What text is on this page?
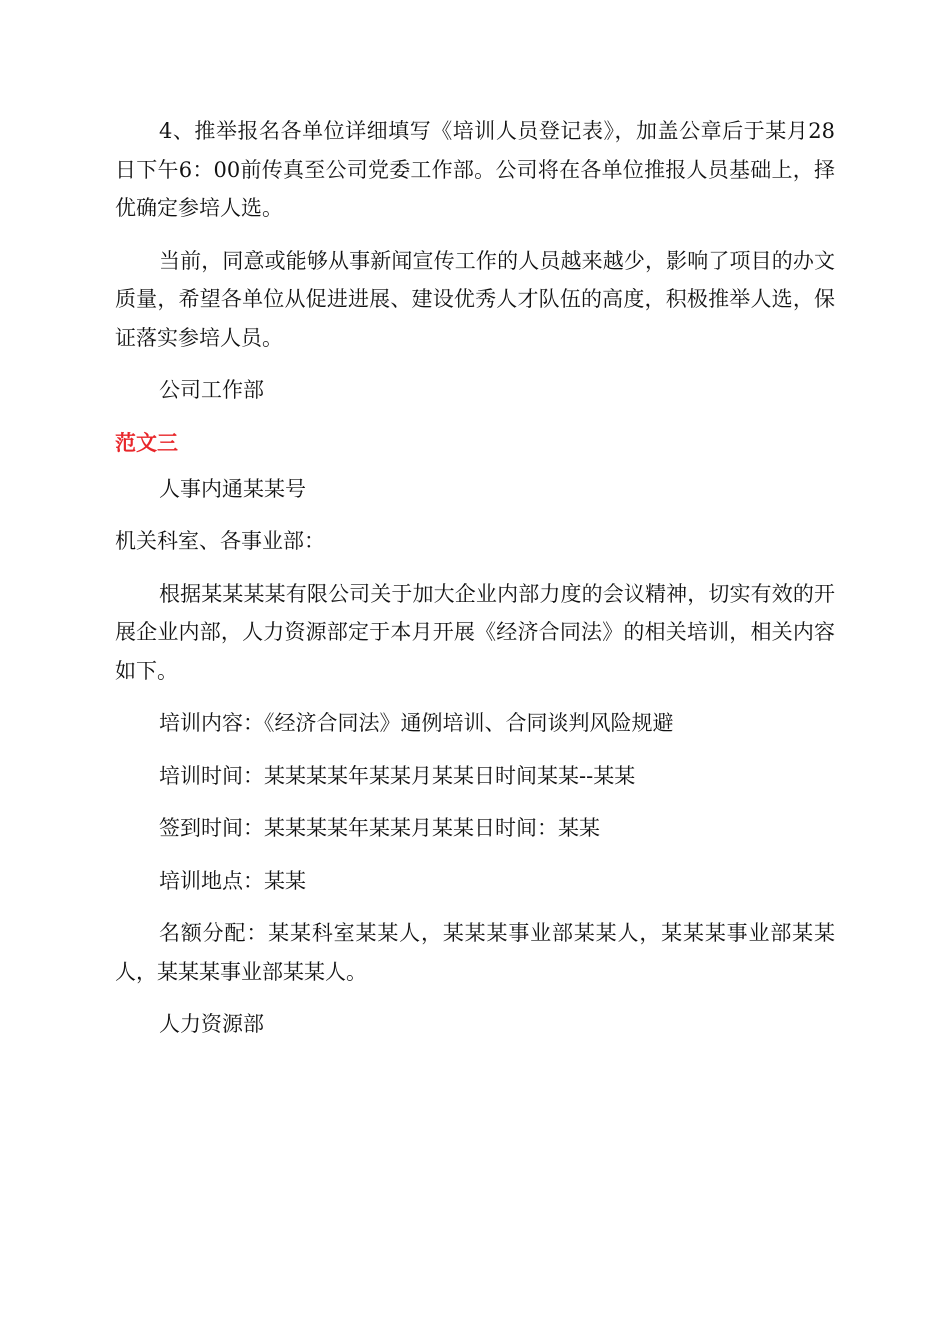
4、推举报名各单位详细填写《培训人员登记表》，加盖公章后于某月28日下午6：00前传真至公司党委工作部。公司将在各单位推报人员基础上，择优确定参培人选。

当前，同意或能够从事新闻宣传工作的人员越来越少，影响了项目的办文质量，希望各单位从促进进展、建设优秀人才队伍的高度，积极推举人选，保证落实参培人员。

公司工作部

范文三

人事内通某某号

机关科室、各事业部：

根据某某某某有限公司关于加大企业内部力度的会议精神，切实有效的开展企业内部，人力资源部定于本月开展《经济合同法》的相关培训，相关内容如下。

培训内容：《经济合同法》通例培训、合同谈判风险规避

培训时间：某某某某年某某月某某日时间某某--某某

签到时间：某某某某年某某月某某日时间：某某

培训地点：某某

名额分配：某某科室某某人，某某某事业部某某人，某某某事业部某某人，某某某事业部某某人。

人力资源部
